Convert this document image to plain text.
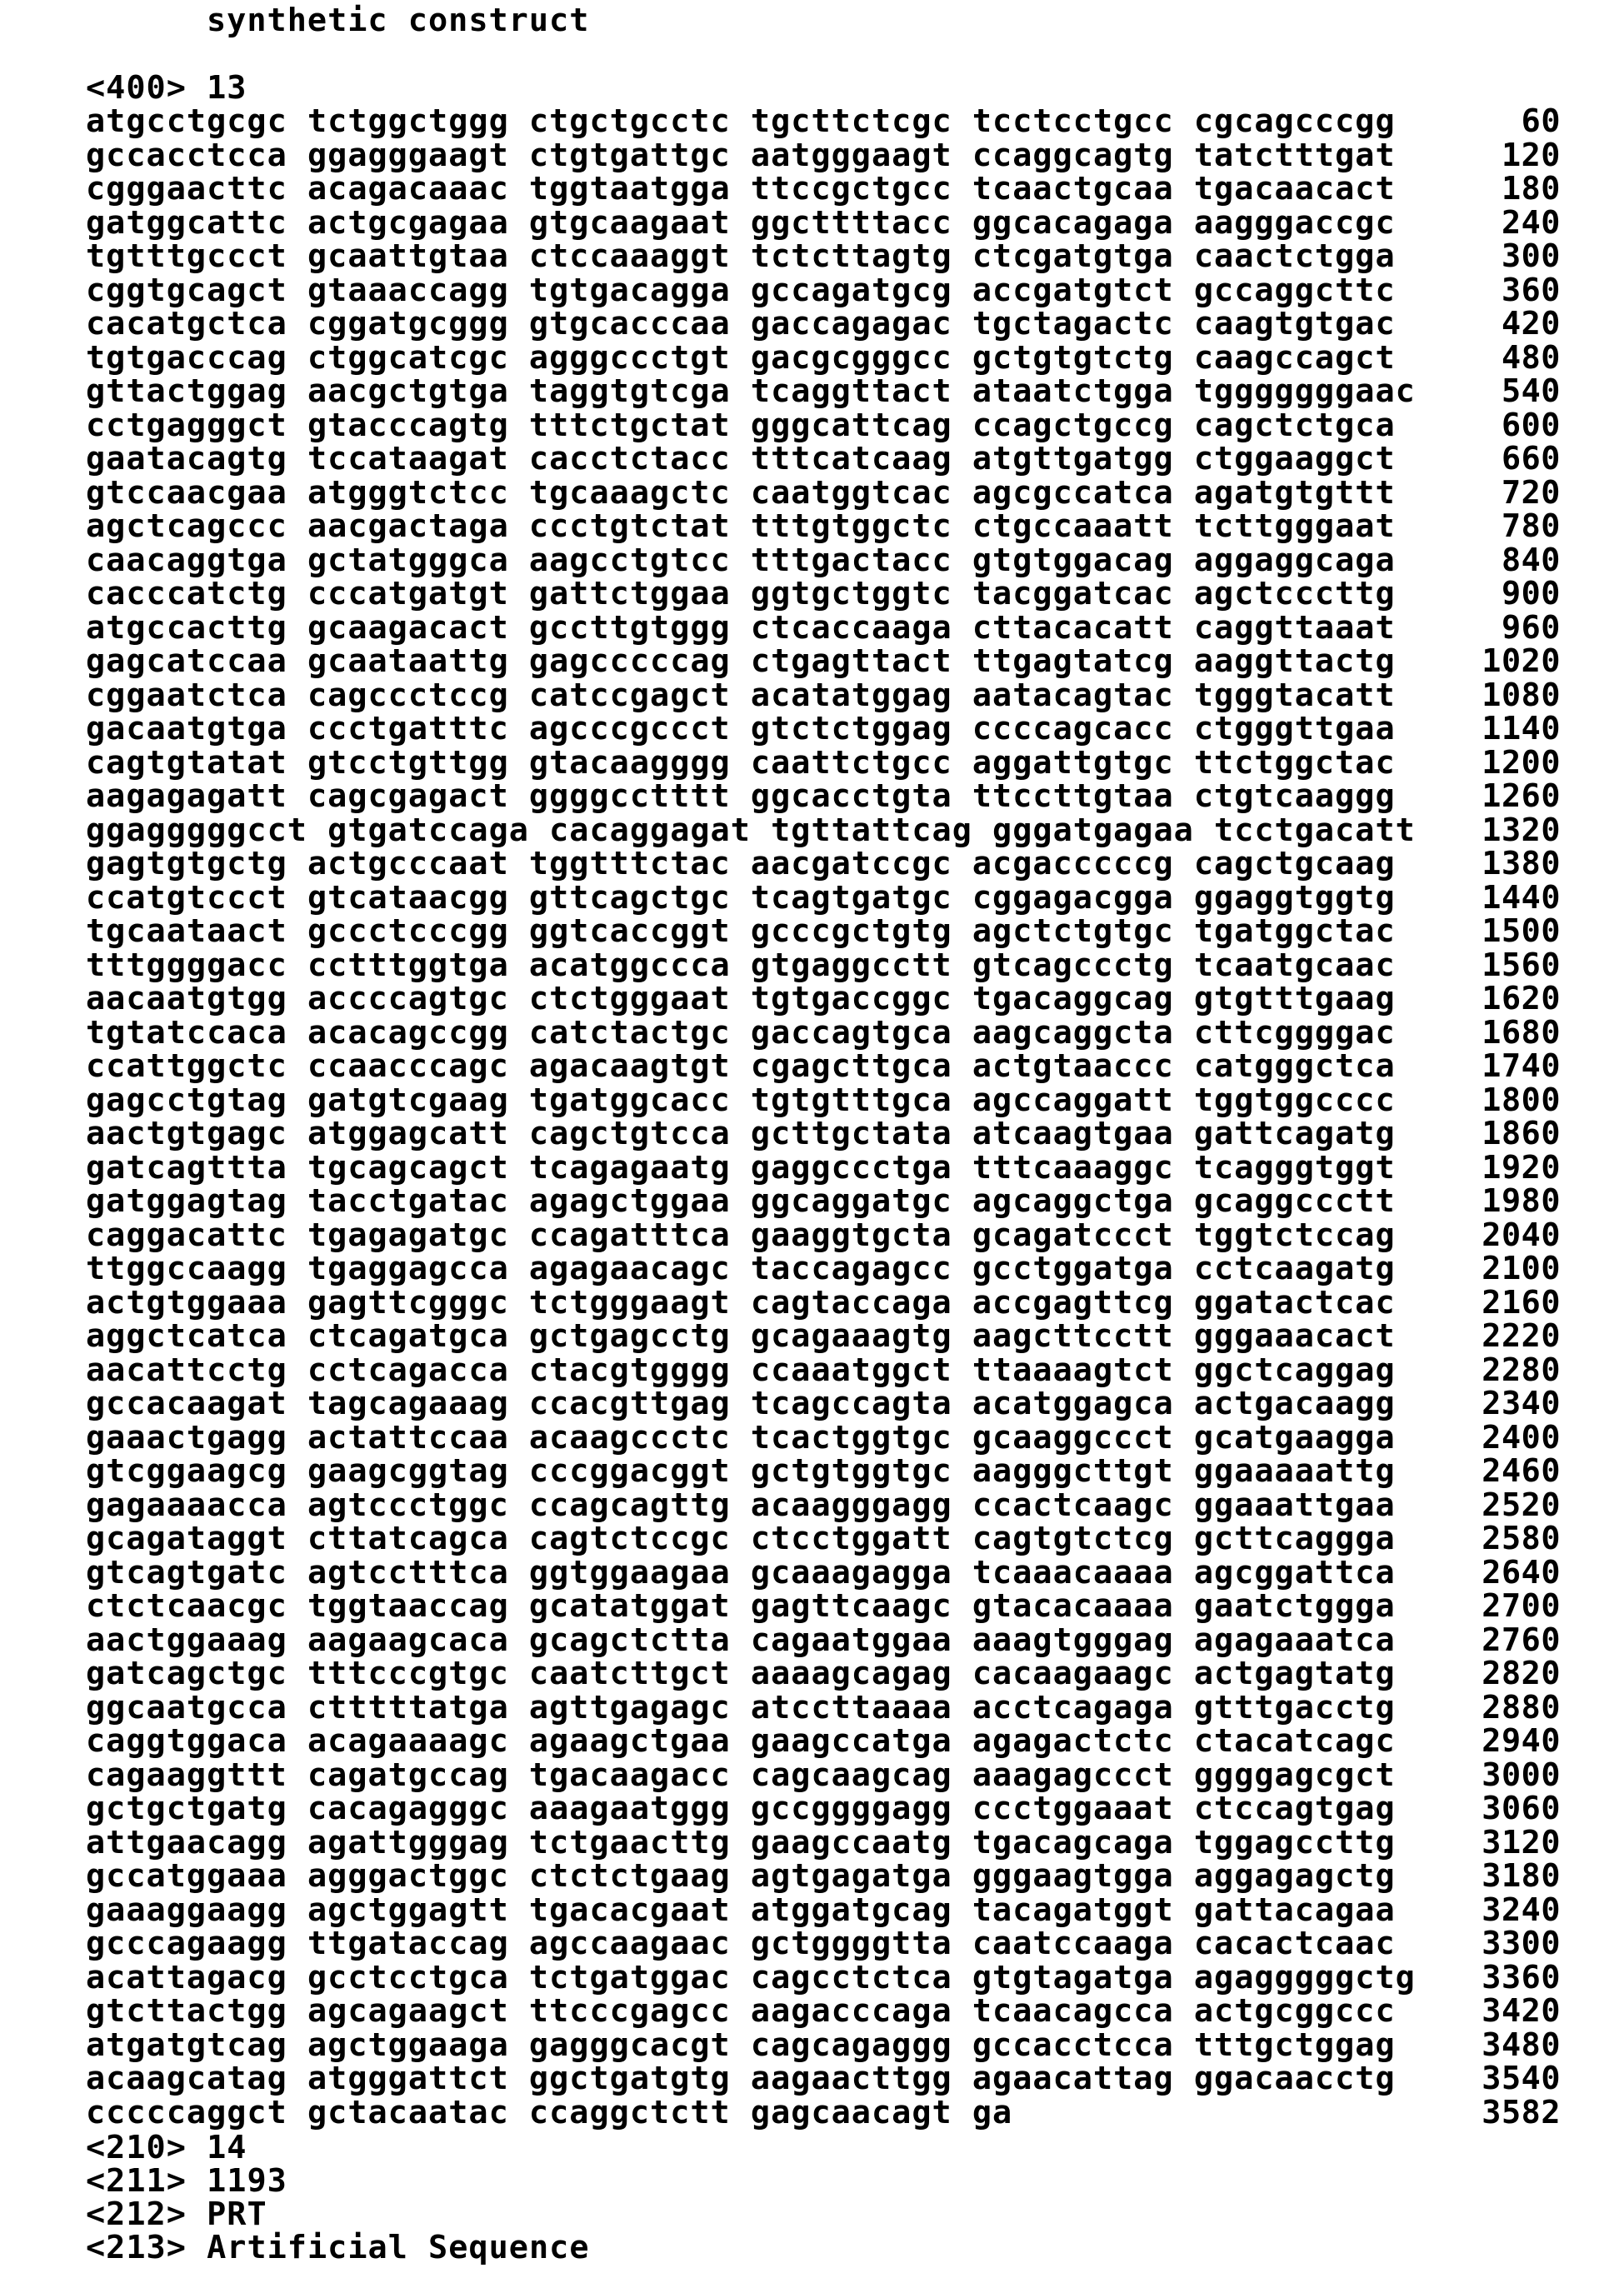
synthetic construct
<400> 13
atgcctgcgc tctggctggg ctgctgcctc tgcttctcgc tcctcctgcc cgcagcccgg	60
gccacctcca ggagggaagt ctgtgattgc aatgggaagt ccaggcagtg tatctttgat	120
cgggaacttc acagacaaac tggtaatgga ttccgctgcc tcaactgcaa tgacaacact	180
gatggcattc actgcgagaa gtgcaagaat ggcttttacc ggcacagaga aagggaccgc	240
tgtttgccct gcaattgtaa ctccaaaggt tctcttagtg ctcgatgtga caactctgga	300
cggtgcagct gtaaaccagg tgtgacagga gccagatgcg accgatgtct gccaggcttc	360
cacatgctca cggatgcggg gtgcacccaa gaccagagac tgctagactc caagtgtgac	420
tgtgacccag ctggcatcgc agggccctgt gacgcgggcc gctgtgtctg caagccagct	480
gttactggag aacgctgtga taggtgtcga tcaggttact ataatctgga tgggggggaac	540
cctgagggct gtacccagtg tttctgctat gggcattcag ccagctgccg cagctctgca	600
gaatacagtg tccataagat cacctctacc tttcatcaag atgttgatgg ctggaaggct	660
gtccaacgaa atgggtctcc tgcaaagctc caatggtcac agcgccatca agatgtgttt	720
agctcagccc aacgactaga ccctgtctat tttgtggctc ctgccaaatt tcttgggaat	780
caacaggtga gctatgggca aagcctgtcc tttgactacc gtgtggacag aggaggcaga	840
cacccatctg cccatgatgt gattctggaa ggtgctggtc tacggatcac agctcccttg	900
atgccacttg gcaagacact gccttgtggg ctcaccaaga cttacacatt caggttaaat	960
gagcatccaa gcaataattg gagcccccag ctgagttact ttgagtatcg aaggttactg	1020
cggaatctca cagccctccg catccgagct acatatggag aatacagtac tgggtacatt	1080
gacaatgtga ccctgatttc agcccgccct gtctctggag ccccagcacc ctgggttgaa	1140
cagtgtatat gtcctgttgg gtacaagggg caattctgcc aggattgtgc ttctggctac	1200
aagagagatt cagcgagact ggggcctttt ggcacctgta ttccttgtaa ctgtcaaggg	1260
ggagggggcct gtgatccaga cacaggagat tgttattcag gggatgagaa tcctgacatt 1320
gagtgtgctg actgcccaat tggtttctac aacgatccgc acgacccccg cagctgcaag	1380
ccatgtccct gtcataacgg gttcagctgc tcagtgatgc cggagacgga ggaggtggtg	1440
tgcaataact gccctcccgg ggtcaccggt gcccgctgtg agctctgtgc tgatggctac	1500
tttggggacc cctttggtga acatggccca gtgaggcctt gtcagccctg tcaatgcaac	1560
aacaatgtgg accccagtgc ctctgggaat tgtgaccggc tgacaggcag gtgtttgaag	1620
tgtatccaca acacagccgg catctactgc gaccagtgca aagcaggcta cttcggggac	1680
ccattggctc ccaacccagc agacaagtgt cgagcttgca actgtaaccc catgggctca	1740
gagcctgtag gatgtcgaag tgatggcacc tgtgtttgca agccaggatt tggtggcccc	1800
aactgtgagc atggagcatt cagctgtcca gcttgctata atcaagtgaa gattcagatg	1860
gatcagttta tgcagcagct tcagagaatg gaggccctga tttcaaaggc tcagggtggt	1920
gatggagtag tacctgatac agagctggaa ggcaggatgc agcaggctga gcaggccctt	1980
caggacattc tgagagatgc ccagatttca gaaggtgcta gcagatccct tggtctccag	2040
ttggccaagg tgaggagcca agagaacagc taccagagcc gcctggatga cctcaagatg	2100
actgtggaaa gagttcgggc tctgggaagt cagtaccaga accgagttcg ggatactcac	2160
aggctcatca ctcagatgca gctgagcctg gcagaaagtg aagcttcctt gggaaacact	2220
aacattcctg cctcagacca ctacgtgggg ccaaatggct ttaaaagtct ggctcaggag	2280
gccacaagat tagcagaaag ccacgttgag tcagccagta acatggagca actgacaagg	2340
gaaactgagg actattccaa acaagccctc tcactggtgc gcaaggccct gcatgaagga	2400
gtcggaagcg gaagcggtag cccggacggt gctgtggtgc aagggcttgt ggaaaaattg	2460
gagaaaacca agtccctggc ccagcagttg acaagggagg ccactcaagc ggaaattgaa	2520
gcagataggt cttatcagca cagtctccgc ctcctggatt cagtgtctcg gcttcaggga	2580
gtcagtgatc agtcctttca ggtggaagaa gcaaagagga tcaaacaaaa agcggattca	2640
ctctcaacgc tggtaaccag gcatatggat gagttcaagc gtacacaaaa gaatctggga	2700
aactggaaag aagaagcaca gcagctctta cagaatggaa aaagtgggag agagaaatca	2760
gatcagctgc tttcccgtgc caatcttgct aaaagcagag cacaagaagc actgagtatg	2820
ggcaatgcca ctttttatga agttgagagc atccttaaaa acctcagaga gtttgacctg	2880
caggtggaca acagaaaagc agaagctgaa gaagccatga agagactctc ctacatcagc	2940
cagaaggttt cagatgccag tgacaagacc cagcaagcag aaagagccct ggggagcgct	3000
gctgctgatg cacagagggc aaagaatggg gccggggagg ccctggaaat ctccagtgag	3060
attgaacagg agattgggag tctgaacttg gaagccaatg tgacagcaga tggagccttg	3120
gccatggaaa agggactggc ctctctgaag agtgagatga gggaagtgga aggagagctg	3180
gaaaggaagg agctggagtt tgacacgaat atggatgcag tacagatggt gattacagaa	3240
gcccagaagg ttgataccag agccaagaac gctggggtta caatccaaga cacactcaac	3300
acattagacg gcctcctgca tctgatggac cagcctctca gtgtagatga agagggggctg 3360
gtcttactgg agcagaagct ttcccgagcc aagacccaga tcaacagcca actgcggccc	3420
atgatgtcag agctggaaga gagggcacgt cagcagaggg gccacctcca tttgctggag	3480
acaagcatag atgggattct ggctgatgtg aagaacttgg agaacattag ggacaacctg	3540
cccccaggct gctacaatac ccaggctctt gagcaacagt ga	3582
<210> 14
<211> 1193
<212> PRT
<213> Artificial Sequence
